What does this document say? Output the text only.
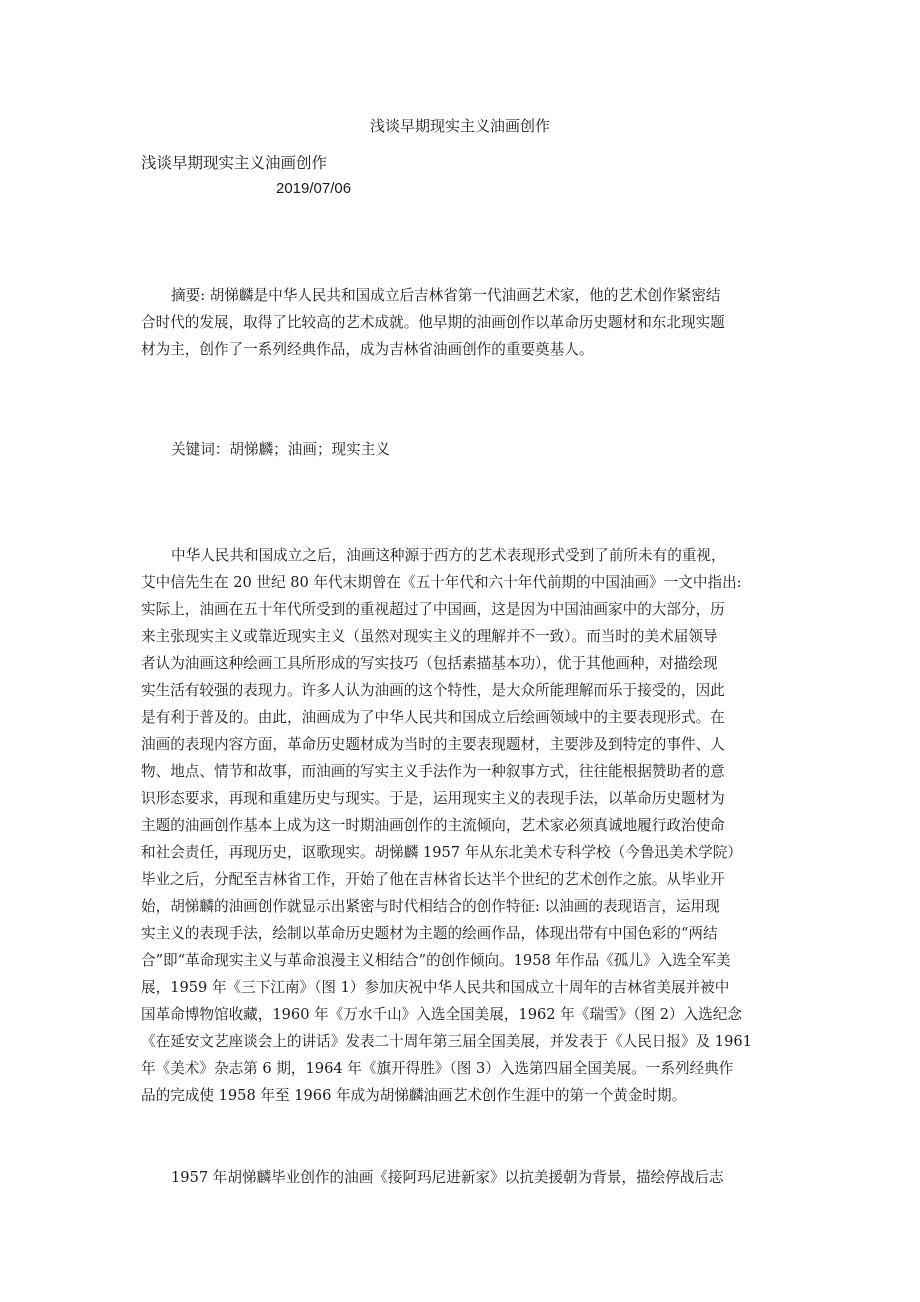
浅谈早期现实主义油画创作
浅谈早期现实主义油画创作
2019/07/06
摘要: 胡悌麟是中华人民共和国成立后吉林省第一代油画艺术家，他的艺术创作紧密结
合时代的发展，取得了比较高的艺术成就。他早期的油画创作以革命历史题材和东北现实题
材为主，创作了一系列经典作品，成为吉林省油画创作的重要奠基人。
关键词：胡悌麟；油画；现实主义
中华人民共和国成立之后，油画这种源于西方的艺术表现形式受到了前所未有的重视，
艾中信先生在 20 世纪 80 年代末期曾在《五十年代和六十年代前期的中国油画》一文中指出:
实际上，油画在五十年代所受到的重视超过了中国画，这是因为中国油画家中的大部分，历
来主张现实主义或靠近现实主义（虽然对现实主义的理解并不一致）。而当时的美术届领导
者认为油画这种绘画工具所形成的写实技巧（包括素描基本功），优于其他画种，对描绘现
实生活有较强的表现力。许多人认为油画的这个特性，是大众所能理解而乐于接受的，因此
是有利于普及的。由此，油画成为了中华人民共和国成立后绘画领域中的主要表现形式。在
油画的表现内容方面，革命历史题材成为当时的主要表现题材，主要涉及到特定的事件、人
物、地点、情节和故事，而油画的写实主义手法作为一种叙事方式，往往能根据赞助者的意
识形态要求，再现和重建历史与现实。于是，运用现实主义的表现手法，以革命历史题材为
主题的油画创作基本上成为这一时期油画创作的主流倾向，艺术家必须真诚地履行政治使命
和社会责任，再现历史，讴歌现实。胡悌麟 1957 年从东北美术专科学校（今鲁迅美术学院）
毕业之后，分配至吉林省工作，开始了他在吉林省长达半个世纪的艺术创作之旅。从毕业开
始，胡悌麟的油画创作就显示出紧密与时代相结合的创作特征: 以油画的表现语言，运用现
实主义的表现手法，绘制以革命历史题材为主题的绘画作品，体现出带有中国色彩的“两结
合”即“革命现实主义与革命浪漫主义相结合”的创作倾向。1958 年作品《孤儿》入选全军美
展，1959 年《三下江南》（图 1）参加庆祝中华人民共和国成立十周年的吉林省美展并被中
国革命博物馆收藏，1960 年《万水千山》入选全国美展，1962 年《瑞雪》（图 2）入选纪念
《在延安文艺座谈会上的讲话》发表二十周年第三届全国美展，并发表于《人民日报》及 1961
年《美术》杂志第 6 期，1964 年《旗开得胜》（图 3）入选第四届全国美展。一系列经典作
品的完成使 1958 年至 1966 年成为胡悌麟油画艺术创作生涯中的第一个黄金时期。
1957 年胡悌麟毕业创作的油画《接阿玛尼进新家》以抗美援朝为背景，描绘停战后志
